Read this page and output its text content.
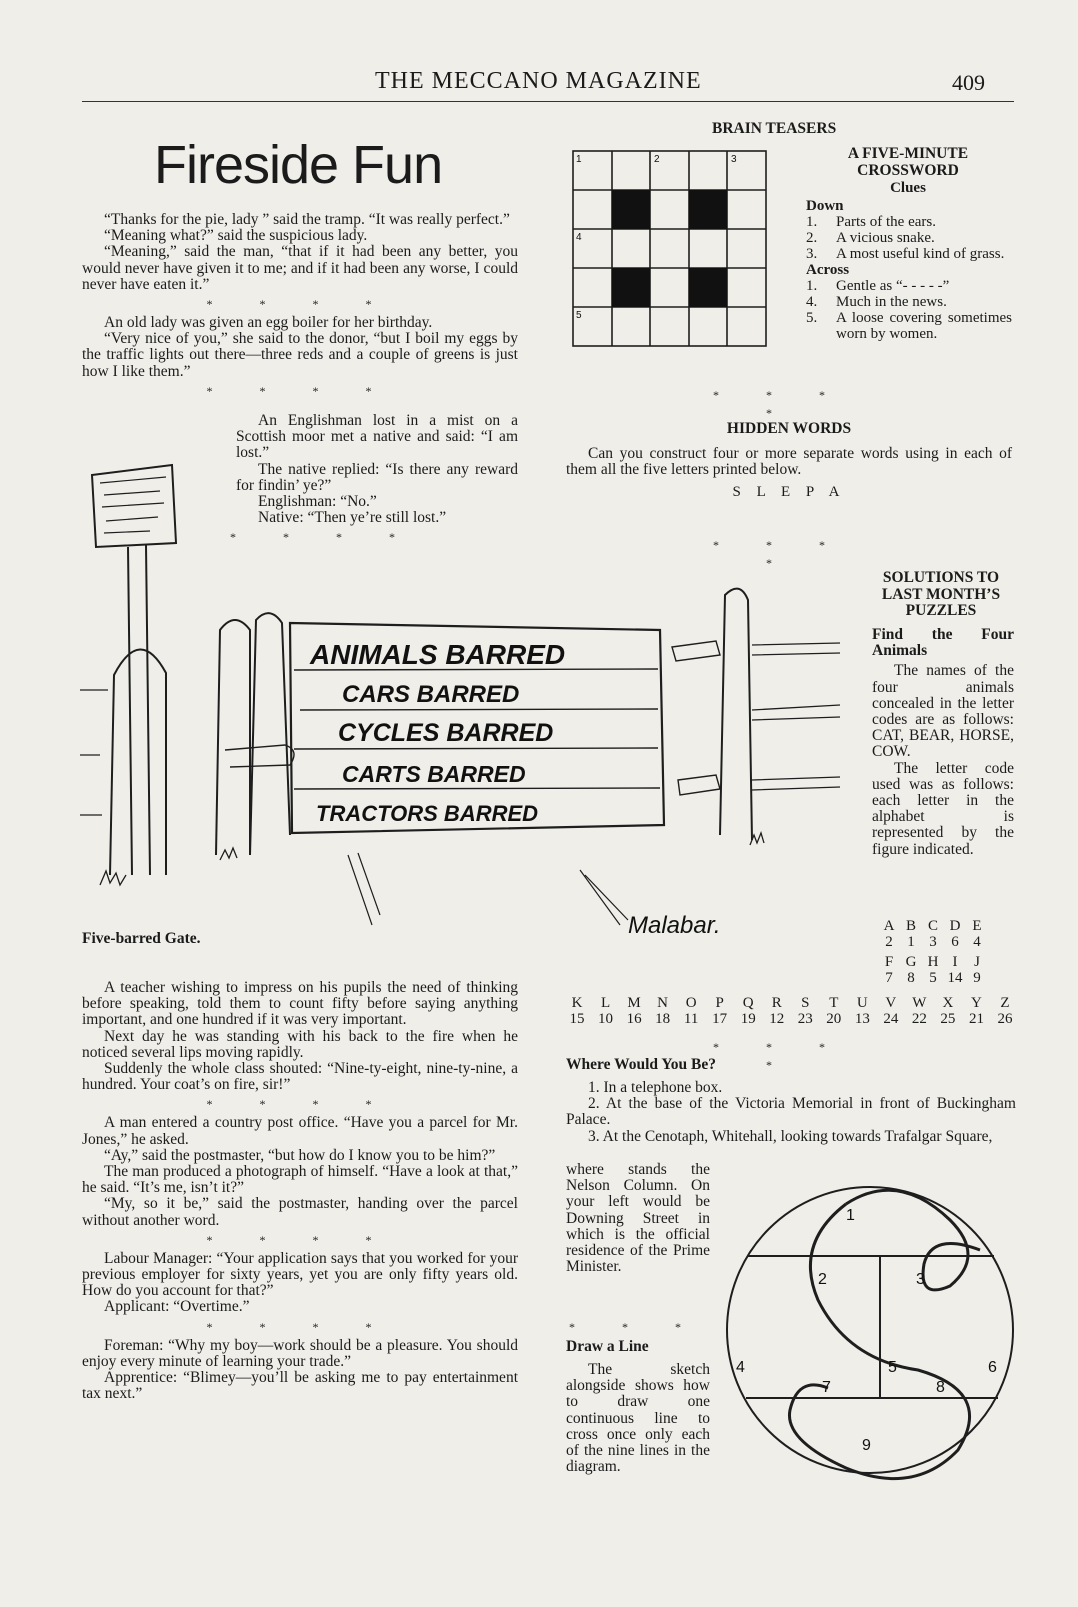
THE MECCANO MAGAZINE	409
Fireside Fun

“Thanks for the pie, lady ” said the tramp. “It was really perfect.”

“Meaning what?” said the suspicious lady.

“Meaning,” said the man, “that if it had been any better, you would never have given it to me; and if it had been any worse, I could never have eaten it.”

* * * *

An old lady was given an egg boiler for her birthday.

“Very nice of you,” she said to the donor, “but I boil my eggs by the traffic lights out there—three reds and a couple of greens is just how I like them.”

* * * *

An Englishman lost in a mist on a Scottish moor met a native and said: “I am lost.”

The native replied: “Is there any reward for findin’ ye?”

Englishman: “No.”

Native: “Then ye’re still lost.”

* * * *
ANIMALS BARRED
CARS BARRED
CYCLES BARRED
CARTS BARRED
TRACTORS BARRED
Malabar.
Five-barred Gate.

A teacher wishing to impress on his pupils the need of thinking before speaking, told them to count fifty before saying anything important, and one hundred if it was very important.

Next day he was standing with his back to the fire when he noticed several lips moving rapidly.

Suddenly the whole class shouted: “Nine-ty-eight, nine-ty-nine, a hundred. Your coat’s on fire, sir!”

* * * *

A man entered a country post office. “Have you a parcel for Mr. Jones,” he asked.

“Ay,” said the postmaster, “but how do I know you to be him?”

The man produced a photograph of himself. “Have a look at that,” he said. “It’s me, isn’t it?”

“My, so it be,” said the postmaster, handing over the parcel without another word.

* * * *

Labour Manager: “Your application says that you worked for your previous employer for sixty years, yet you are only fifty years old. How do you account for that?”

Applicant: “Overtime.”

* * * *

Foreman: “Why my boy—work should be a pleasure. You should enjoy every minute of learning your trade.”

Apprentice: “Blimey—you’ll be asking me to pay entertainment tax next.”

BRAIN TEASERS
1	2	3
4
5
A FIVE-MINUTE CROSSWORD
Clues
Down
1.	Parts of the ears.
2.	A vicious snake.
3.	A most useful kind of grass.
Across
1.	Gentle as “- - - - -”
4.	Much in the news.
5.	A loose covering sometimes worn by women.
* * * *
HIDDEN WORDS

Can you construct four or more separate words using in each of them all the five letters printed below.

S L E P A
* * * *
SOLUTIONS TO LAST MONTH’S PUZZLES

Find the Four Animals

The names of the four animals concealed in the letter codes are as follows: CAT, BEAR, HORSE, COW.

The letter code used was as follows: each letter in the alphabet is represented by the figure indicated.

A B C D E
2 1 3 6 4
F G H I J
7 8 5 14 9
K	L	M	N	O	P	Q	R	S	T	U	V	W	X	Y	Z
15 10 16 18 11 17 19 12 23 20 13 24 22 25 21 26
* * * *
Where Would You Be?

1. In a telephone box.

2. At the base of the Victoria Memorial in front of Buckingham Palace.

3. At the Cenotaph, Whitehall, looking towards Trafalgar Square,

where stands the Nelson Column. On your left would be Downing Street in which is the official residence of the Prime Minister.

* * *
Draw a Line

The sketch alongside shows how to draw one continuous line to cross once only each of the nine lines in the diagram.

1
2	3
4	5	6
7	8
9
